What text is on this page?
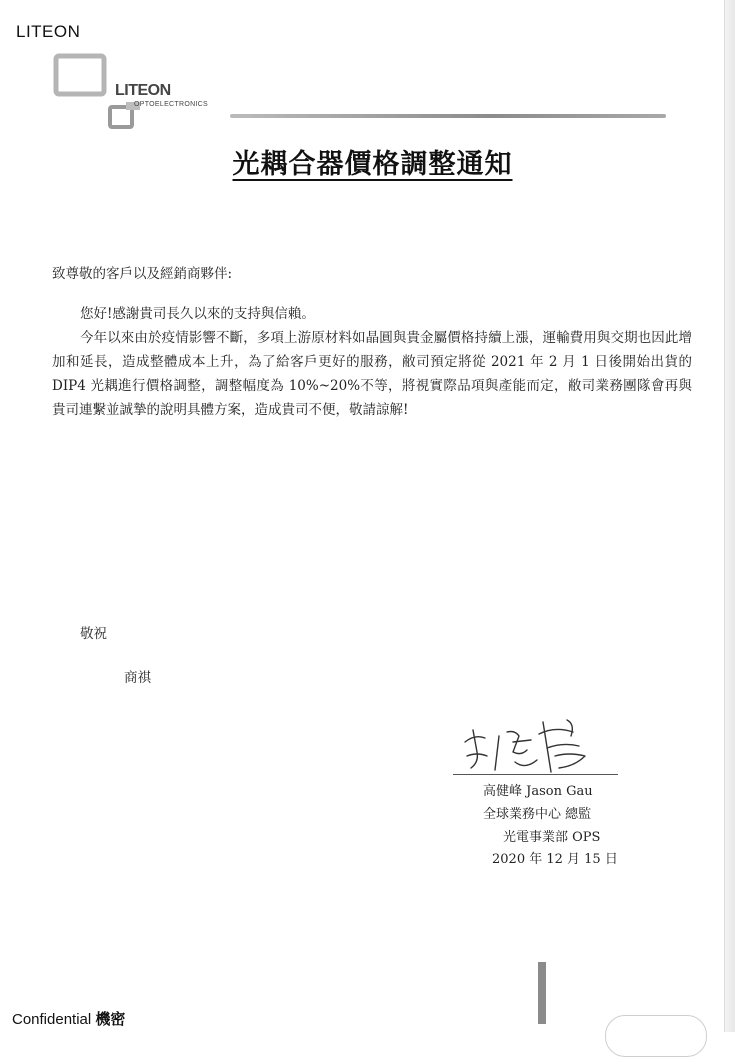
LITEON
LITEON
OPTOELECTRONICS
光耦合器價格調整通知
致尊敬的客戶以及經銷商夥伴:

您好!感謝貴司長久以來的支持與信賴。

今年以來由於疫情影響不斷，多項上游原材料如晶圓與貴金屬價格持續上漲，運輸費用與交期也因此增加和延長，造成整體成本上升，為了給客戶更好的服務，敝司預定將從 2021 年 2 月 1 日後開始出貨的 DIP4 光耦進行價格調整，調整幅度為 10%~20%不等，將視實際品項與產能而定，敝司業務團隊會再與貴司連繫並誠摯的說明具體方案，造成貴司不便，敬請諒解!

敬祝
商祺
高健峰 Jason Gau
全球業務中心 總監
光電事業部 OPS
2020 年 12 月 15 日
Confidential 機密
